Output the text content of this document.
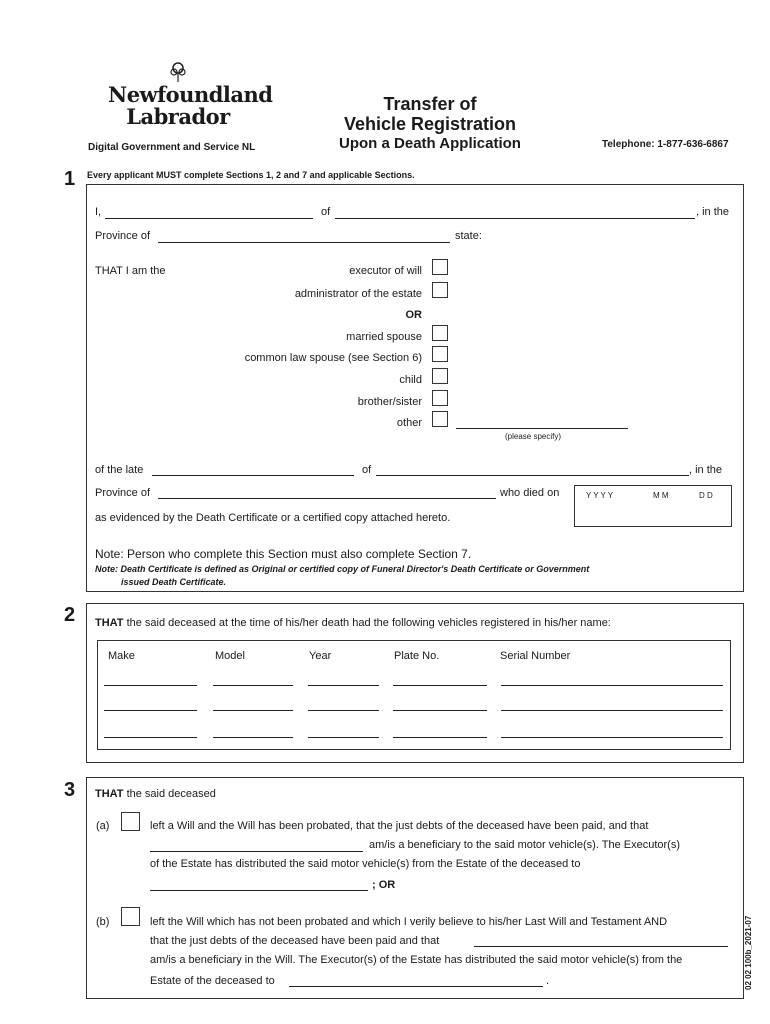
Newfoundland
Labrador
Digital Government and Service NL
Transfer of
Vehicle Registration
Upon a Death Application	Telephone: 1-877-636-6867
1 Every applicant MUST complete Sections 1, 2 and 7 and applicable Sections.
I,	of	, in the
Province of	state:
THAT I am the	executor of will
administrator of the estate
OR
married spouse
common law spouse (see Section 6)
child
brother/sister
other
(please specify)
of the late	of	, in the
Province of	who died on	Y Y Y Y	M M	D D
as evidenced by the Death Certificate or a certified copy attached hereto.
Note: Person who complete this Section must also complete Section 7.
Note: Death Certificate is defined as Original or certified copy of Funeral Director's Death Certificate or Government
issued Death Certificate.
2 THAT the said deceased at the time of his/her death had the following vehicles registered in his/her name:
Make	Model	Year	Plate No.	Serial Number
3 THAT the said deceased
(a)	left a Will and the Will has been probated, that the just debts of the deceased have been paid, and that
am/is a beneficiary to the said motor vehicle(s). The Executor(s)
of the Estate has distributed the said motor vehicle(s) from the Estate of the deceased to
; OR
(b)	left the Will which has not been probated and which I verily believe to his/her Last Will and Testament AND
that the just debts of the deceased have been paid and that
am/is a beneficiary in the Will. The Executor(s) of the Estate has distributed the said motor vehicle(s) from the
Estate of the deceased to	.	02 02 100b_2021-07
